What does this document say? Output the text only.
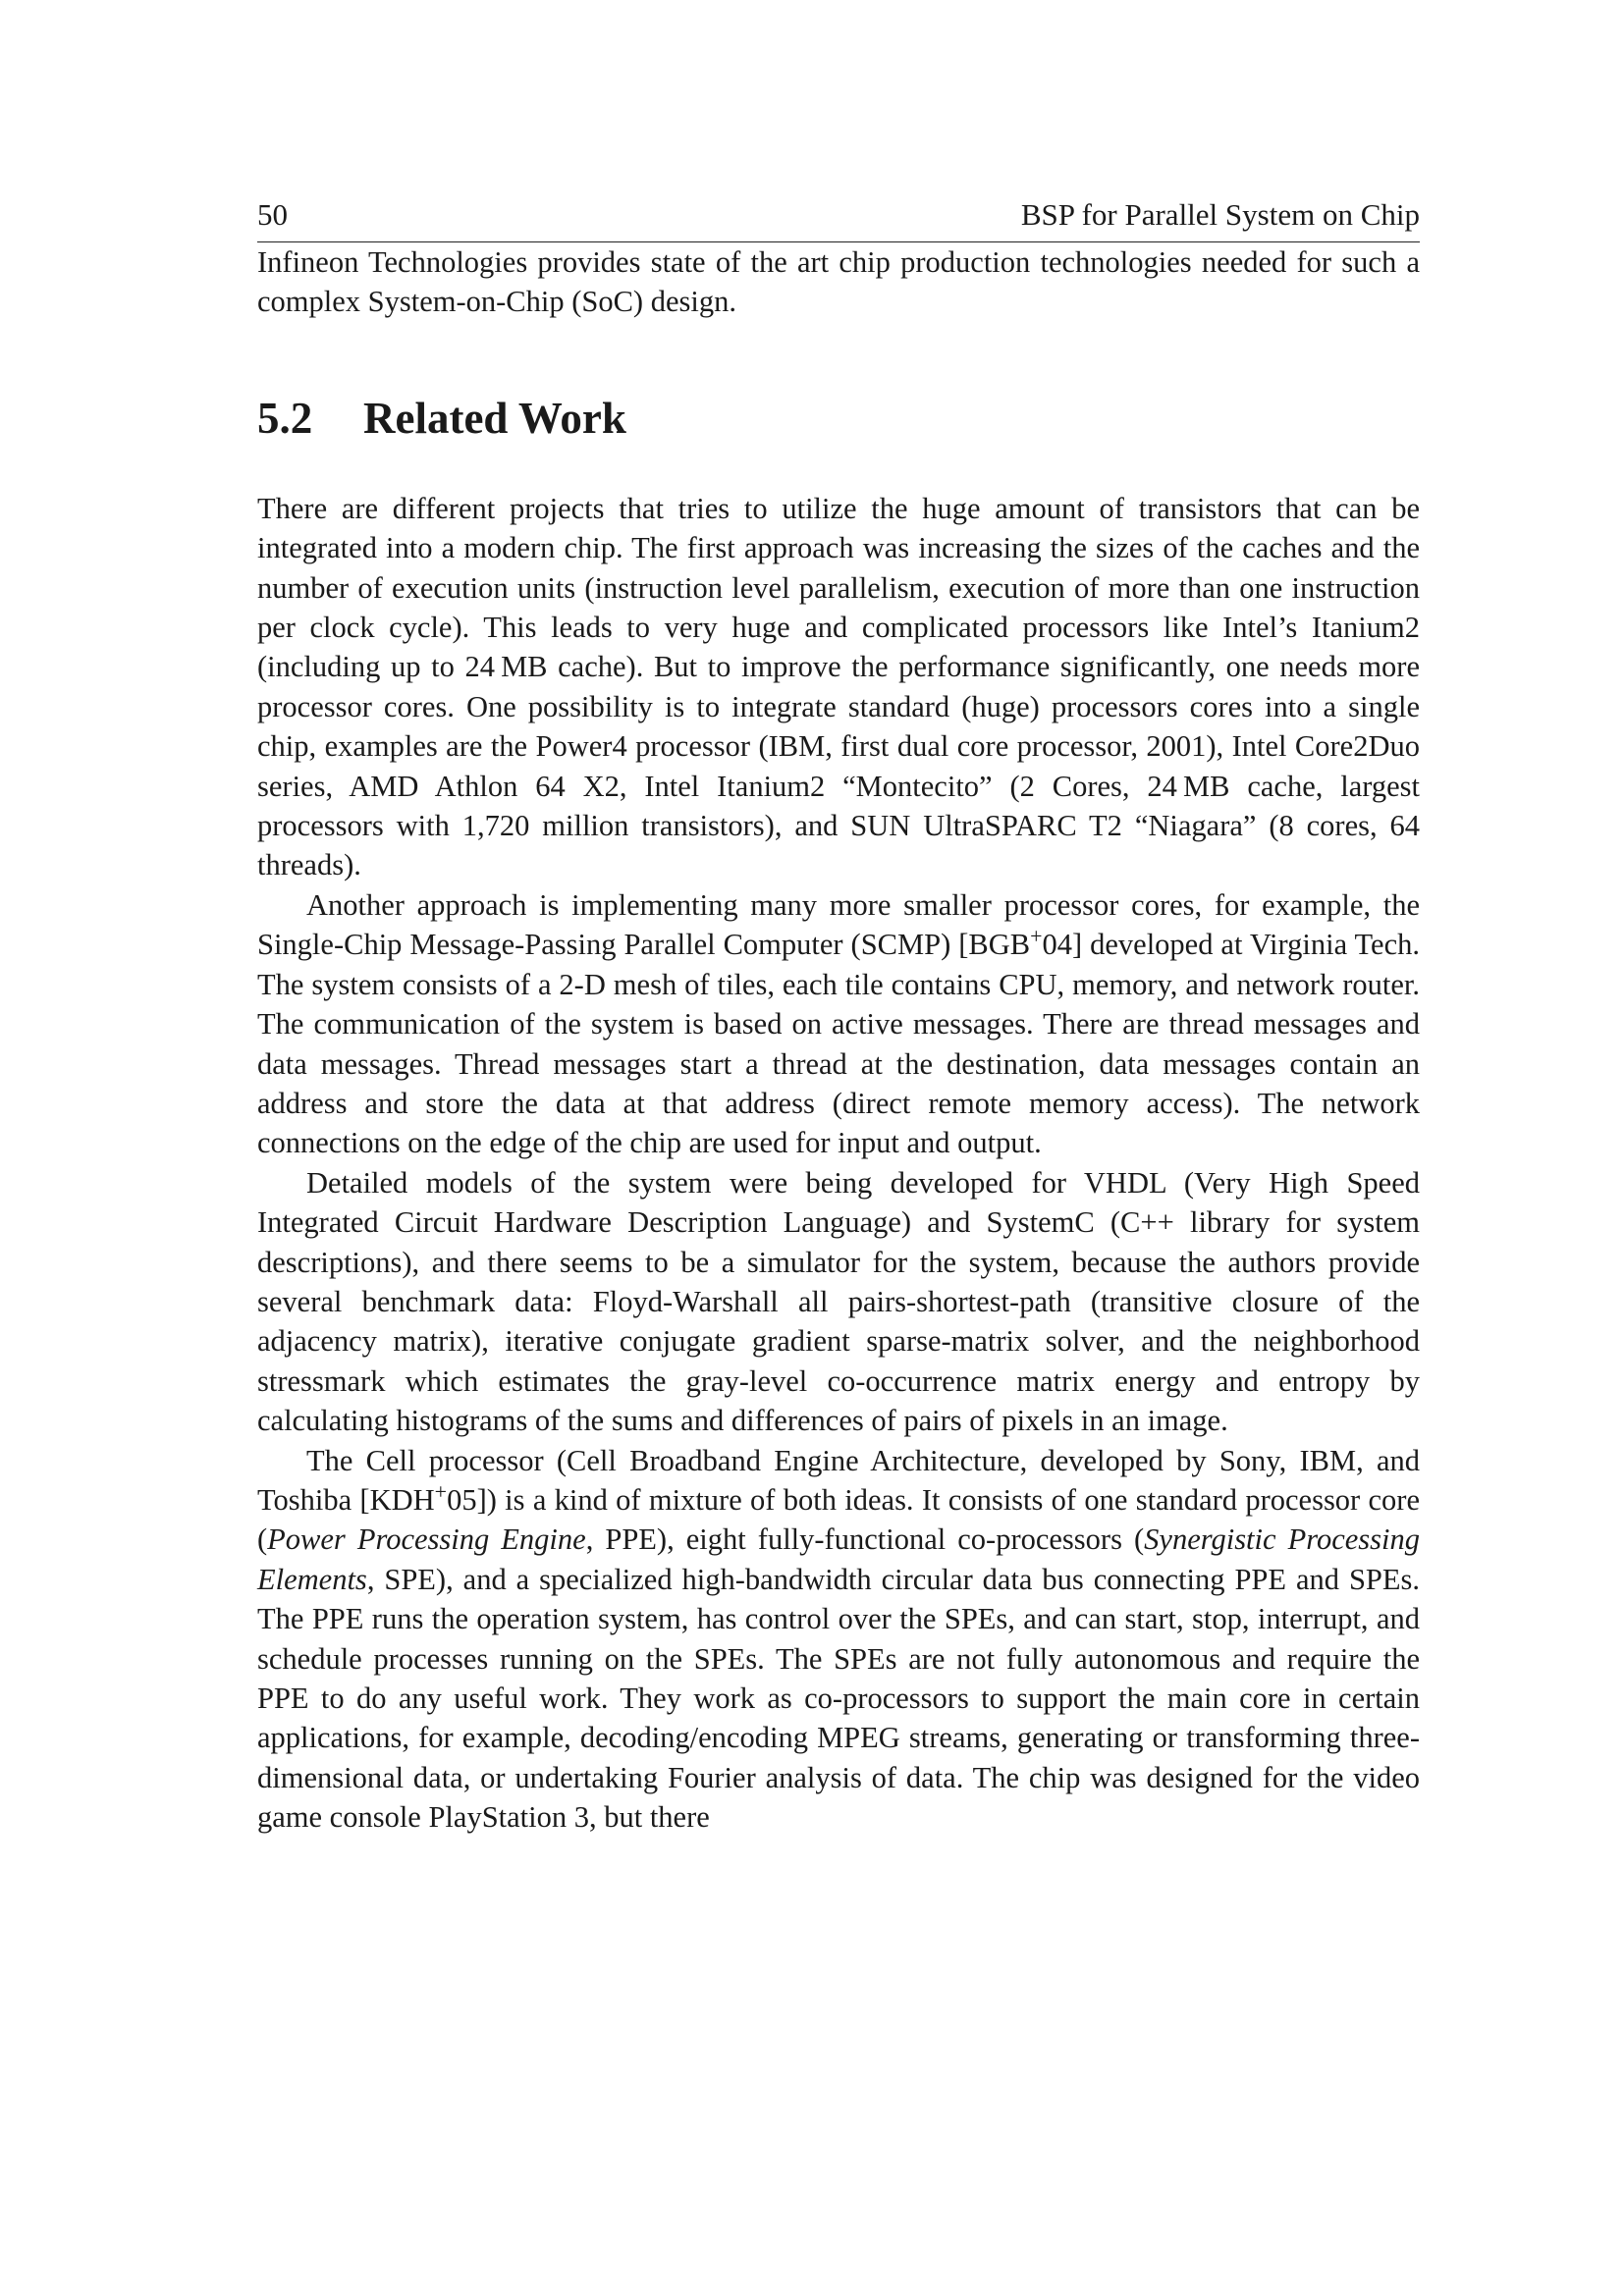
50	BSP for Parallel System on Chip

Infineon Technologies provides state of the art chip production technologies needed for such a complex System-on-Chip (SoC) design.

5.2	Related Work

There are different projects that tries to utilize the huge amount of transistors that can be integrated into a modern chip. The first approach was increasing the sizes of the caches and the number of execution units (instruction level parallelism, execution of more than one instruction per clock cycle). This leads to very huge and complicated processors like Intel’s Itanium2 (including up to 24 MB cache). But to improve the performance significantly, one needs more processor cores. One possibility is to integrate standard (huge) processors cores into a single chip, examples are the Power4 processor (IBM, first dual core processor, 2001), Intel Core2Duo series, AMD Athlon 64 X2, Intel Itanium2 “Montecito” (2 Cores, 24 MB cache, largest processors with 1,720 million transistors), and SUN UltraSPARC T2 “Niagara” (8 cores, 64 threads).

Another approach is implementing many more smaller processor cores, for example, the Single-Chip Message-Passing Parallel Computer (SCMP) [BGB+04] developed at Virginia Tech. The system consists of a 2-D mesh of tiles, each tile contains CPU, memory, and network router. The communication of the system is based on active messages. There are thread messages and data messages. Thread messages start a thread at the destination, data messages contain an address and store the data at that address (direct remote memory access). The network connections on the edge of the chip are used for input and output.

Detailed models of the system were being developed for VHDL (Very High Speed Integrated Circuit Hardware Description Language) and SystemC (C++ library for system descriptions), and there seems to be a simulator for the system, because the authors provide several benchmark data: Floyd-Warshall all pairs-shortest-path (transitive closure of the adjacency matrix), iterative conjugate gradient sparse-matrix solver, and the neighborhood stressmark which estimates the gray-level co-occurrence matrix energy and entropy by calculating histograms of the sums and differences of pairs of pixels in an image.

The Cell processor (Cell Broadband Engine Architecture, developed by Sony, IBM, and Toshiba [KDH+05]) is a kind of mixture of both ideas. It consists of one standard processor core (Power Processing Engine, PPE), eight fully-functional co-processors (Synergistic Processing Elements, SPE), and a specialized high-bandwidth circular data bus connecting PPE and SPEs. The PPE runs the operation system, has control over the SPEs, and can start, stop, interrupt, and schedule processes running on the SPEs. The SPEs are not fully autonomous and require the PPE to do any useful work. They work as co-processors to support the main core in certain applications, for example, decoding/encoding MPEG streams, generating or transforming three-dimensional data, or undertaking Fourier analysis of data. The chip was designed for the video game console PlayStation 3, but there
